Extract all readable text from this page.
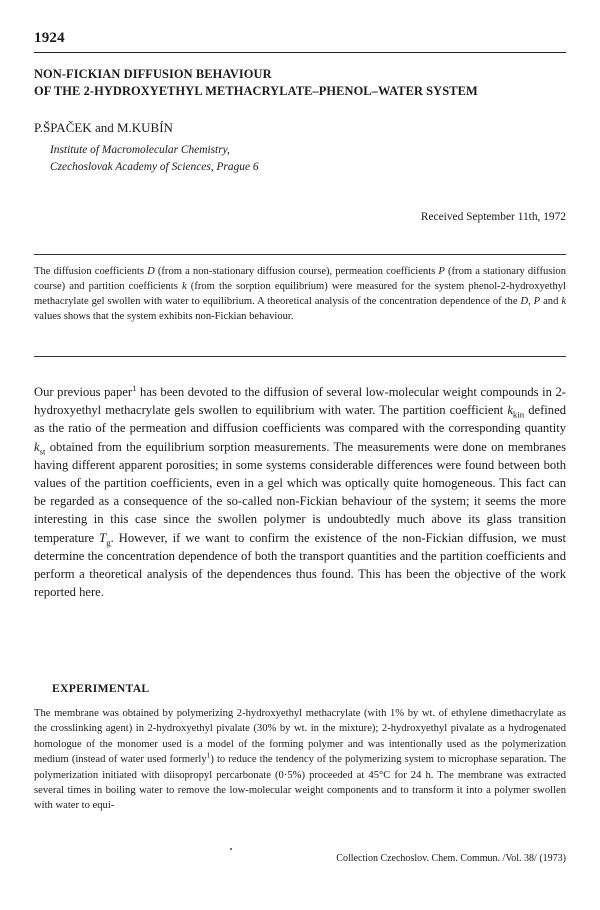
1924
NON-FICKIAN DIFFUSION BEHAVIOUR
OF THE 2-HYDROXYETHYL METHACRYLATE–PHENOL–WATER SYSTEM
P.ŠPAČEK and M.KUBÍN
Institute of Macromolecular Chemistry,
Czechoslovak Academy of Sciences, Prague 6
Received September 11th, 1972
The diffusion coefficients D (from a non-stationary diffusion course), permeation coefficients P (from a stationary diffusion course) and partition coefficients k (from the sorption equilibrium) were measured for the system phenol-2-hydroxyethyl methacrylate gel swollen with water to equilibrium. A theoretical analysis of the concentration dependence of the D, P and k values shows that the system exhibits non-Fickian behaviour.
Our previous paper$^1$ has been devoted to the diffusion of several low-molecular weight compounds in 2-hydroxyethyl methacrylate gels swollen to equilibrium with water. The partition coefficient $k_{kin}$ defined as the ratio of the permeation and diffusion coefficients was compared with the corresponding quantity $k_{st}$ obtained from the equilibrium sorption measurements. The measurements were done on membranes having different apparent porosities; in some systems considerable differences were found between both values of the partition coefficients, even in a gel which was optically quite homogeneous. This fact can be regarded as a consequence of the so-called non-Fickian behaviour of the system; it seems the more interesting in this case since the swollen polymer is undoubtedly much above its glass transition temperature $T_g$. However, if we want to confirm the existence of the non-Fickian diffusion, we must determine the concentration dependence of both the transport quantities and the partition coefficients and perform a theoretical analysis of the dependences thus found. This has been the objective of the work reported here.
EXPERIMENTAL
The membrane was obtained by polymerizing 2-hydroxyethyl methacrylate (with 1% by wt. of ethylene dimethacrylate as the crosslinking agent) in 2-hydroxyethyl pivalate (30% by wt. in the mixture); 2-hydroxyethyl pivalate as a hydrogenated homologue of the monomer used is a model of the forming polymer and was intentionally used as the polymerization medium (instead of water used formerly$^1$) to reduce the tendency of the polymerizing system to microphase separation. The polymerization initiated with diisopropyl percarbonate (0·5%) proceeded at 45°C for 24 h. The membrane was extracted several times in boiling water to remove the low-molecular weight components and to transform it into a polymer swollen with water to equi-
Collection Czechoslov. Chem. Commun. /Vol. 38/ (1973)
